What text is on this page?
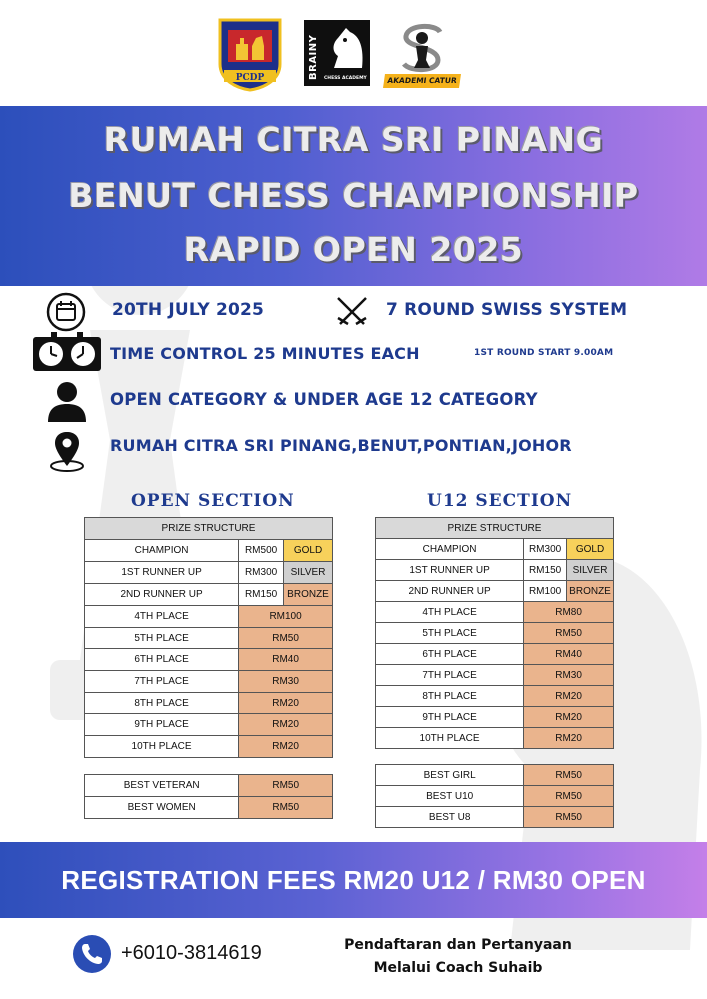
PCDP	BRAINY	CHESS ACADEMY	AKADEMI CATUR
RUMAH CITRA SRI PINANG
BENUT CHESS CHAMPIONSHIP
RAPID OPEN 2025
20TH JULY 2025	7 ROUND SWISS SYSTEM
TIME CONTROL 25 MINUTES EACH	1ST ROUND START 9.00AM
OPEN CATEGORY & UNDER AGE 12 CATEGORY
RUMAH CITRA SRI PINANG,BENUT,PONTIAN,JOHOR
OPEN SECTION	U12 SECTION
PRIZE STRUCTURE		
CHAMPION	RM500	GOLD
1ST RUNNER UP	RM300	SILVER
2ND RUNNER UP	RM150	BRONZE
4TH PLACE	RM100	
5TH PLACE	RM50	
6TH PLACE	RM40	
7TH PLACE	RM30	
8TH PLACE	RM20	
9TH PLACE	RM20	
10TH PLACE	RM20	
BEST VETERAN	RM50
BEST WOMEN	RM50
PRIZE STRUCTURE		
CHAMPION	RM300	GOLD
1ST RUNNER UP	RM150	SILVER
2ND RUNNER UP	RM100	BRONZE
4TH PLACE	RM80	
5TH PLACE	RM50	
6TH PLACE	RM40	
7TH PLACE	RM30	
8TH PLACE	RM20	
9TH PLACE	RM20	
10TH PLACE	RM20	
BEST GIRL	RM50
BEST U10	RM50
BEST U8	RM50
REGISTRATION FEES RM20 U12 / RM30 OPEN
+6010-3814619	Pendaftaran dan Pertanyaan
Melalui Coach Suhaib
